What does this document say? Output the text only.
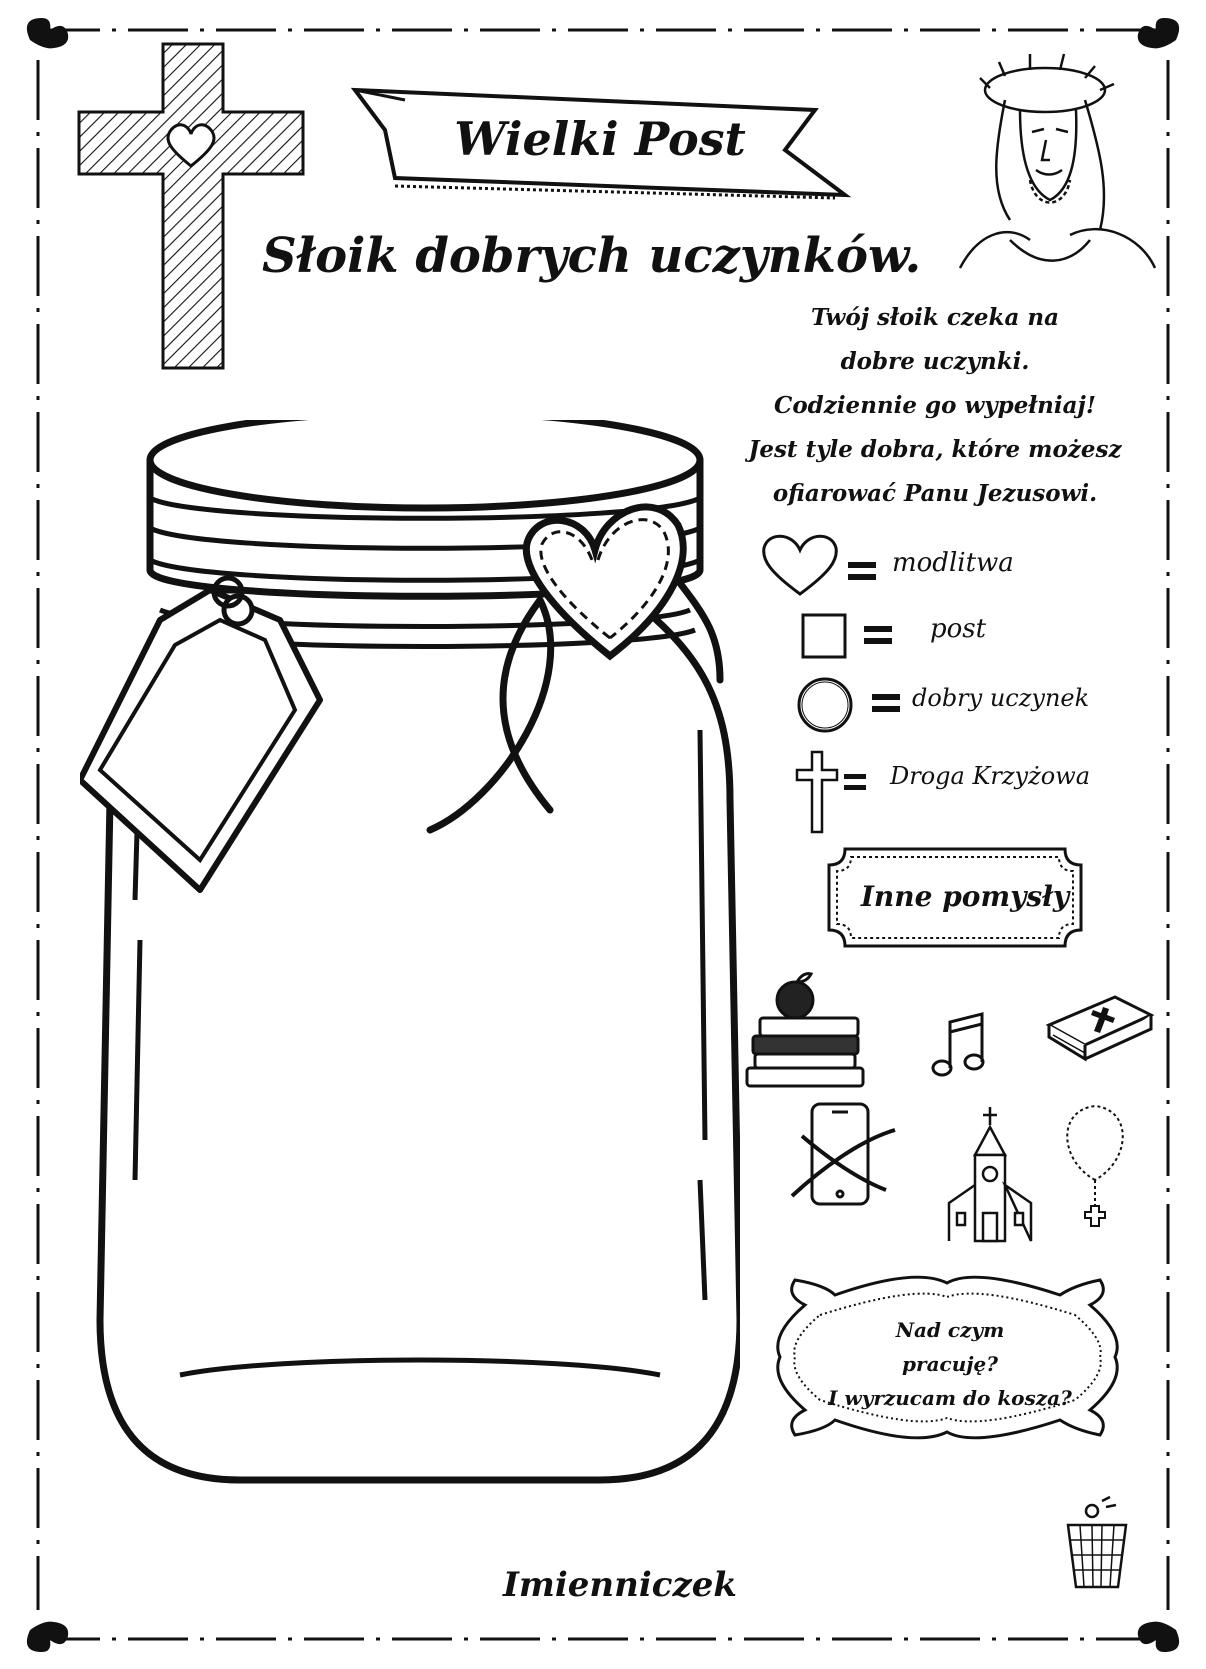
Wielki Post
Słoik dobrych uczynków.
Twój słoik czeka na
dobre uczynki.
Codziennie go wypełniaj!
Jest tyle dobra, które możesz
ofiarować Panu Jezusowi.
modlitwa
post
dobry uczynek
Droga Krzyżowa
Inne pomysły
Nad czym
pracuję?
I wyrzucam do kosza?
Imienniczek
